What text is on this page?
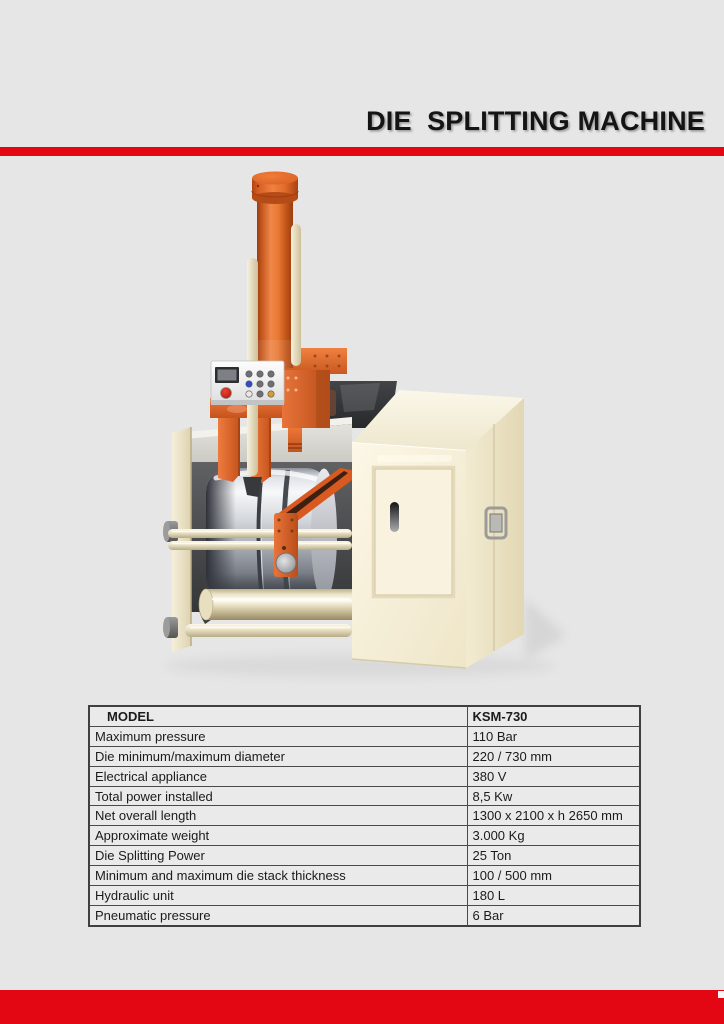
DIE  SPLITTING MACHINE
MODEL	KSM-730
Maximum pressure	110 Bar
Die minimum/maximum diameter	220 / 730 mm
Electrical appliance	380 V
Total power installed	8,5 Kw
Net overall length	1300 x 2100 x h 2650 mm
Approximate weight	3.000 Kg
Die Splitting Power	25 Ton
Minimum and maximum die stack thickness	100 / 500 mm
Hydraulic unit	180 L
Pneumatic pressure	6 Bar
